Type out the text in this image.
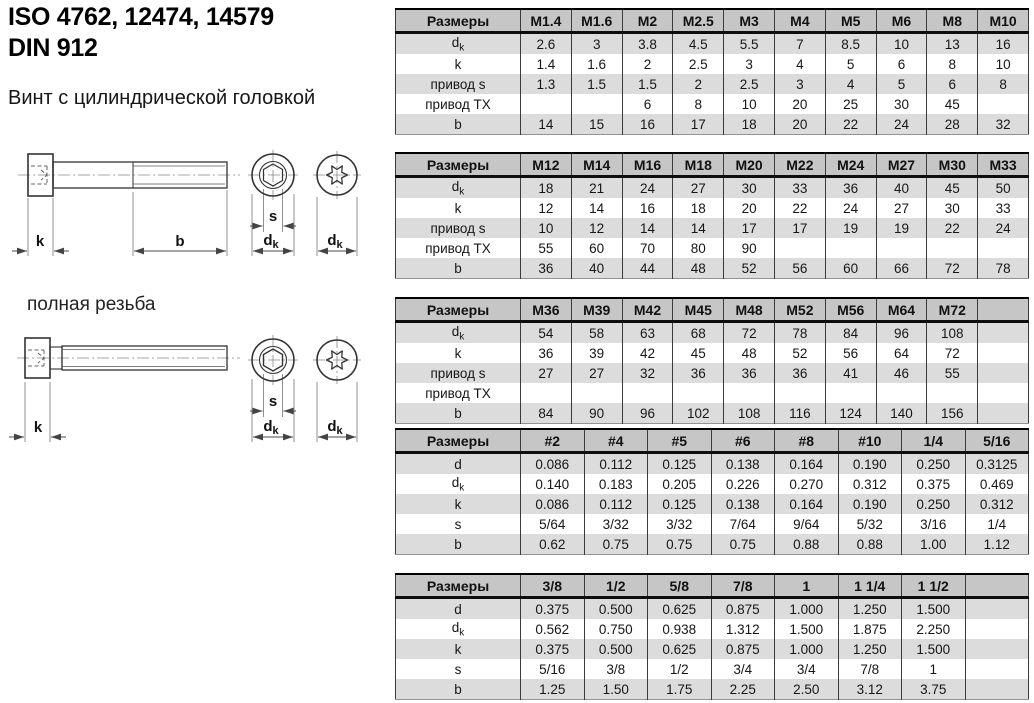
ISO 4762, 12474, 14579
DIN 912
Винт с цилиндрической головкой
полная резьба
k	b
s
$d_k$	$d_k$
k
s
$d_k$	$d_k$
Размеры	M1.4	M1.6	M2	M2.5	M3	M4	M5	M6	M8	M10
$d_k$	2.6	3	3.8	4.5	5.5	7	8.5	10	13	16
k	1.4	1.6	2	2.5	3	4	5	6	8	10
привод s	1.3	1.5	1.5	2	2.5	3	4	5	6	8
привод TX			6	8	10	20	25	30	45	
b	14	15	16	17	18	20	22	24	28	32
Размеры	M12	M14	M16	M18	M20	M22	M24	M27	M30	M33
$d_k$	18	21	24	27	30	33	36	40	45	50
k	12	14	16	18	20	22	24	27	30	33
привод s	10	12	14	14	17	17	19	19	22	24
привод TX	55	60	70	80	90					
b	36	40	44	48	52	56	60	66	72	78
Размеры	M36	M39	M42	M45	M48	M52	M56	M64	M72	
$d_k$	54	58	63	68	72	78	84	96	108	
k	36	39	42	45	48	52	56	64	72	
привод s	27	27	32	36	36	36	41	46	55	
привод TX										
b	84	90	96	102	108	116	124	140	156	
Размеры	#2	#4	#5	#6	#8	#10	1/4	5/16
d	0.086	0.112	0.125	0.138	0.164	0.190	0.250	0.3125
$d_k$	0.140	0.183	0.205	0.226	0.270	0.312	0.375	0.469
k	0.086	0.112	0.125	0.138	0.164	0.190	0.250	0.312
s	5/64	3/32	3/32	7/64	9/64	5/32	3/16	1/4
b	0.62	0.75	0.75	0.75	0.88	0.88	1.00	1.12
Размеры	3/8	1/2	5/8	7/8	1	1 1/4	1 1/2	
d	0.375	0.500	0.625	0.875	1.000	1.250	1.500	
$d_k$	0.562	0.750	0.938	1.312	1.500	1.875	2.250	
k	0.375	0.500	0.625	0.875	1.000	1.250	1.500	
s	5/16	3/8	1/2	3/4	3/4	7/8	1	
b	1.25	1.50	1.75	2.25	2.50	3.12	3.75	
